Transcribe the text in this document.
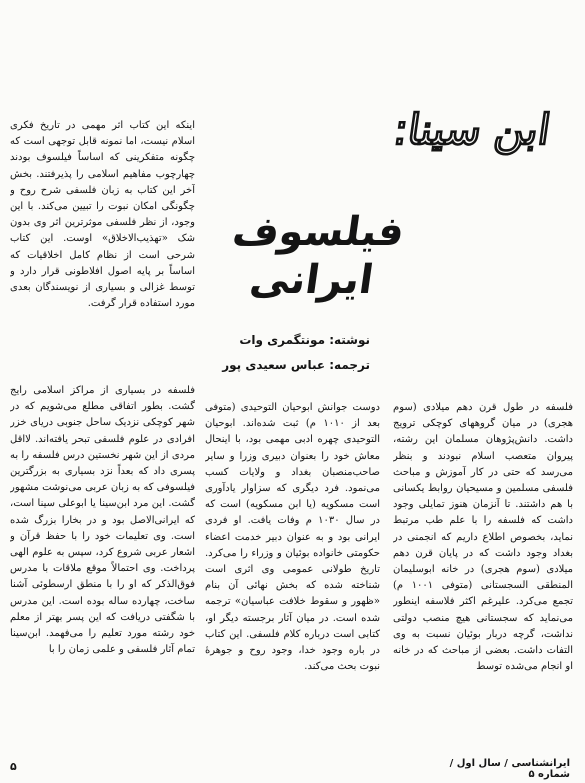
ابن سینا:
فیلسوف ایرانی
نوشته: مونتگمری وات
ترجمه: عباس سعیدی پور

اینکه این کتاب اثر مهمی در تاریخ فکری اسلام نیست، اما نمونه قابل توجهی است که چگونه متفکرینی که اساساً فیلسوف بودند چهارچوب مفاهیم اسلامی را پذیرفتند. بخش آخر این کتاب به زبان فلسفی شرح روح و چگونگی امکان نبوت را تبیین می‌کند. با این وجود، از نظر فلسفی موثرترین اثر وی بدون شک «تهذیب‌الاخلاق» اوست. این کتاب شرحی است از نظام کامل اخلاقیات که اساساً بر پایه اصول افلاطونی قرار دارد و توسط غزالی و بسیاری از نویسندگان بعدی مورد استفاده قرار گرفت.

فلسفه در بسیاری از مراکز اسلامی رایج گشت. بطور اتفاقی مطلع می‌شویم که در شهر کوچکی نزدیک ساحل جنوبی دریای خزر افرادی در علوم فلسفی تبحر یافته‌اند. لااقل مردی از این شهر نخستین درس فلسفه را به پسری داد که بعداً نزد بسیاری به بزرگترین فیلسوفی که به زبان عربی می‌نوشت مشهور گشت. این مرد ابن‌سینا یا ابوعلی سینا است، که ایرانی‌الاصل بود و در بخارا بزرگ شده است. وی تعلیمات خود را با حفظ قرآن و اشعار عربی شروع کرد، سپس به علوم الهی پرداخت. وی احتمالاً موقع ملاقات با مدرس فوق‌الذکر که او را با منطق ارسطوئی آشنا ساخت، چهارده ساله بوده است. این مدرس با شگفتی دریافت که این پسر بهتر از معلم خود رشته مورد تعلیم را می‌فهمد. ابن‌سینا تمام آثار فلسفی و علمی زمان را با

دوست جوانش ابوحیان التوحیدی (متوفی بعد از ۱۰۱۰ م) ثبت شده‌اند. ابوحیان التوحیدی چهره ادبی مهمی بود، با اینحال معاش خود را بعنوان دبیری وزرا و سایر صاحب‌منصبان بغداد و ولایات کسب می‌نمود. فرد دیگری که سزاوار یادآوری است مسکویه (یا ابن مسکویه) است که در سال ۱۰۳۰ م وفات یافت. او فردی ایرانی بود و به عنوان دبیر خدمت اعضاء حکومتی خانواده بوئیان و وزراء را می‌کرد. تاریخ طولانی عمومی وی اثری است شناخته شده که بخش نهائی آن بنام «ظهور و سقوط خلافت عباسیان» ترجمه شده است. در میان آثار برجسته دیگر او، کتابی است درباره کلام فلسفی. این کتاب در باره وجود خدا، وجود روح و جوهرهٔ نبوت بحث می‌کند.

فلسفه در طول قرن دهم میلادی (سوم هجری) در میان گروههای کوچکی ترویج داشت. دانش‌پژوهان مسلمان این رشته، پیروان متعصب اسلام نبودند و بنظر می‌رسد که حتی در کار آموزش و مباحث فلسفی مسلمین و مسیحیان روابط یکسانی با هم داشتند. تا آنزمان هنوز تمایلی وجود داشت که فلسفه را با علم طب مرتبط نماید، بخصوص اطلاع داریم که انجمنی در بغداد وجود داشت که در پایان قرن دهم میلادی (سوم هجری) در خانه ابوسلیمان المنطقی السجستانی (متوفی ۱۰۰۱ م) تجمع می‌کرد. علیرغم اکثر فلاسفه اینطور می‌نماید که سجستانی هیچ منصب دولتی نداشت، گرچه دربار بوئیان نسبت به وی التفات داشت. بعضی از مباحث که در خانه او انجام می‌شده توسط

۵	ایرانشناسی / سال اول / شماره ۵
